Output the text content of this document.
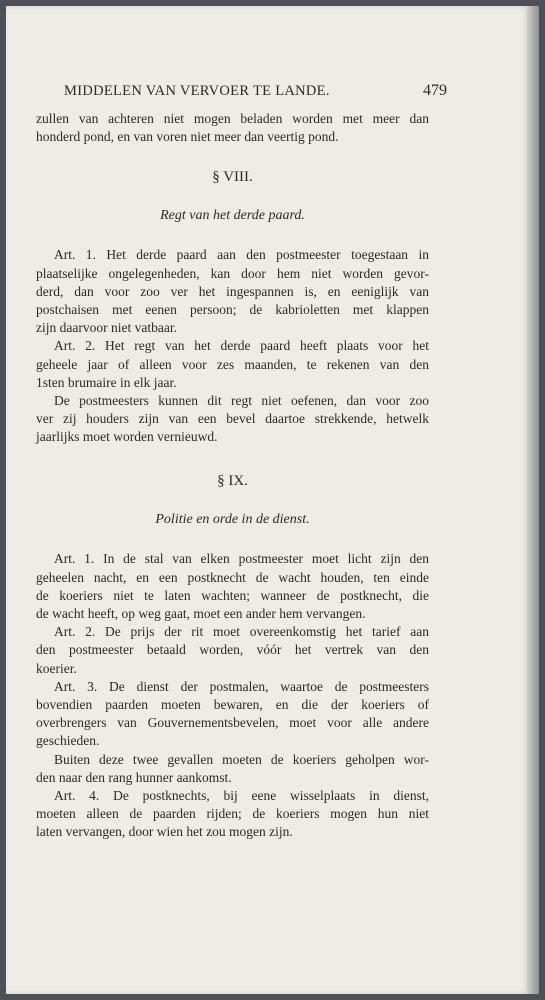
MIDDELEN VAN VERVOER TE LANDE.	479
zullen van achteren niet mogen beladen worden met meer dan
honderd pond, en van voren niet meer dan veertig pond.
§ VIII.
Regt van het derde paard.
Art. 1. Het derde paard aan den postmeester toegestaan in
plaatselijke ongelegenheden, kan door hem niet worden gevor-
derd, dan voor zoo ver het ingespannen is, en eeniglijk van
postchaisen met eenen persoon; de kabrioletten met klappen
zijn daarvoor niet vatbaar.
Art. 2. Het regt van het derde paard heeft plaats voor het
geheele jaar of alleen voor zes maanden, te rekenen van den
1sten brumaire in elk jaar.
De postmeesters kunnen dit regt niet oefenen, dan voor zoo
ver zij houders zijn van een bevel daartoe strekkende, hetwelk
jaarlijks moet worden vernieuwd.
§ IX.
Politie en orde in de dienst.
Art. 1. In de stal van elken postmeester moet licht zijn den
geheelen nacht, en een postknecht de wacht houden, ten einde
de koeriers niet te laten wachten; wanneer de postknecht, die
de wacht heeft, op weg gaat, moet een ander hem vervangen.
Art. 2. De prijs der rit moet overeenkomstig het tarief aan
den postmeester betaald worden, vóór het vertrek van den
koerier.
Art. 3. De dienst der postmalen, waartoe de postmeesters
bovendien paarden moeten bewaren, en die der koeriers of
overbrengers van Gouvernementsbevelen, moet voor alle andere
geschieden.
Buiten deze twee gevallen moeten de koeriers geholpen wor-
den naar den rang hunner aankomst.
Art. 4. De postknechts, bij eene wisselplaats in dienst,
moeten alleen de paarden rijden; de koeriers mogen hun niet
laten vervangen, door wien het zou mogen zijn.
